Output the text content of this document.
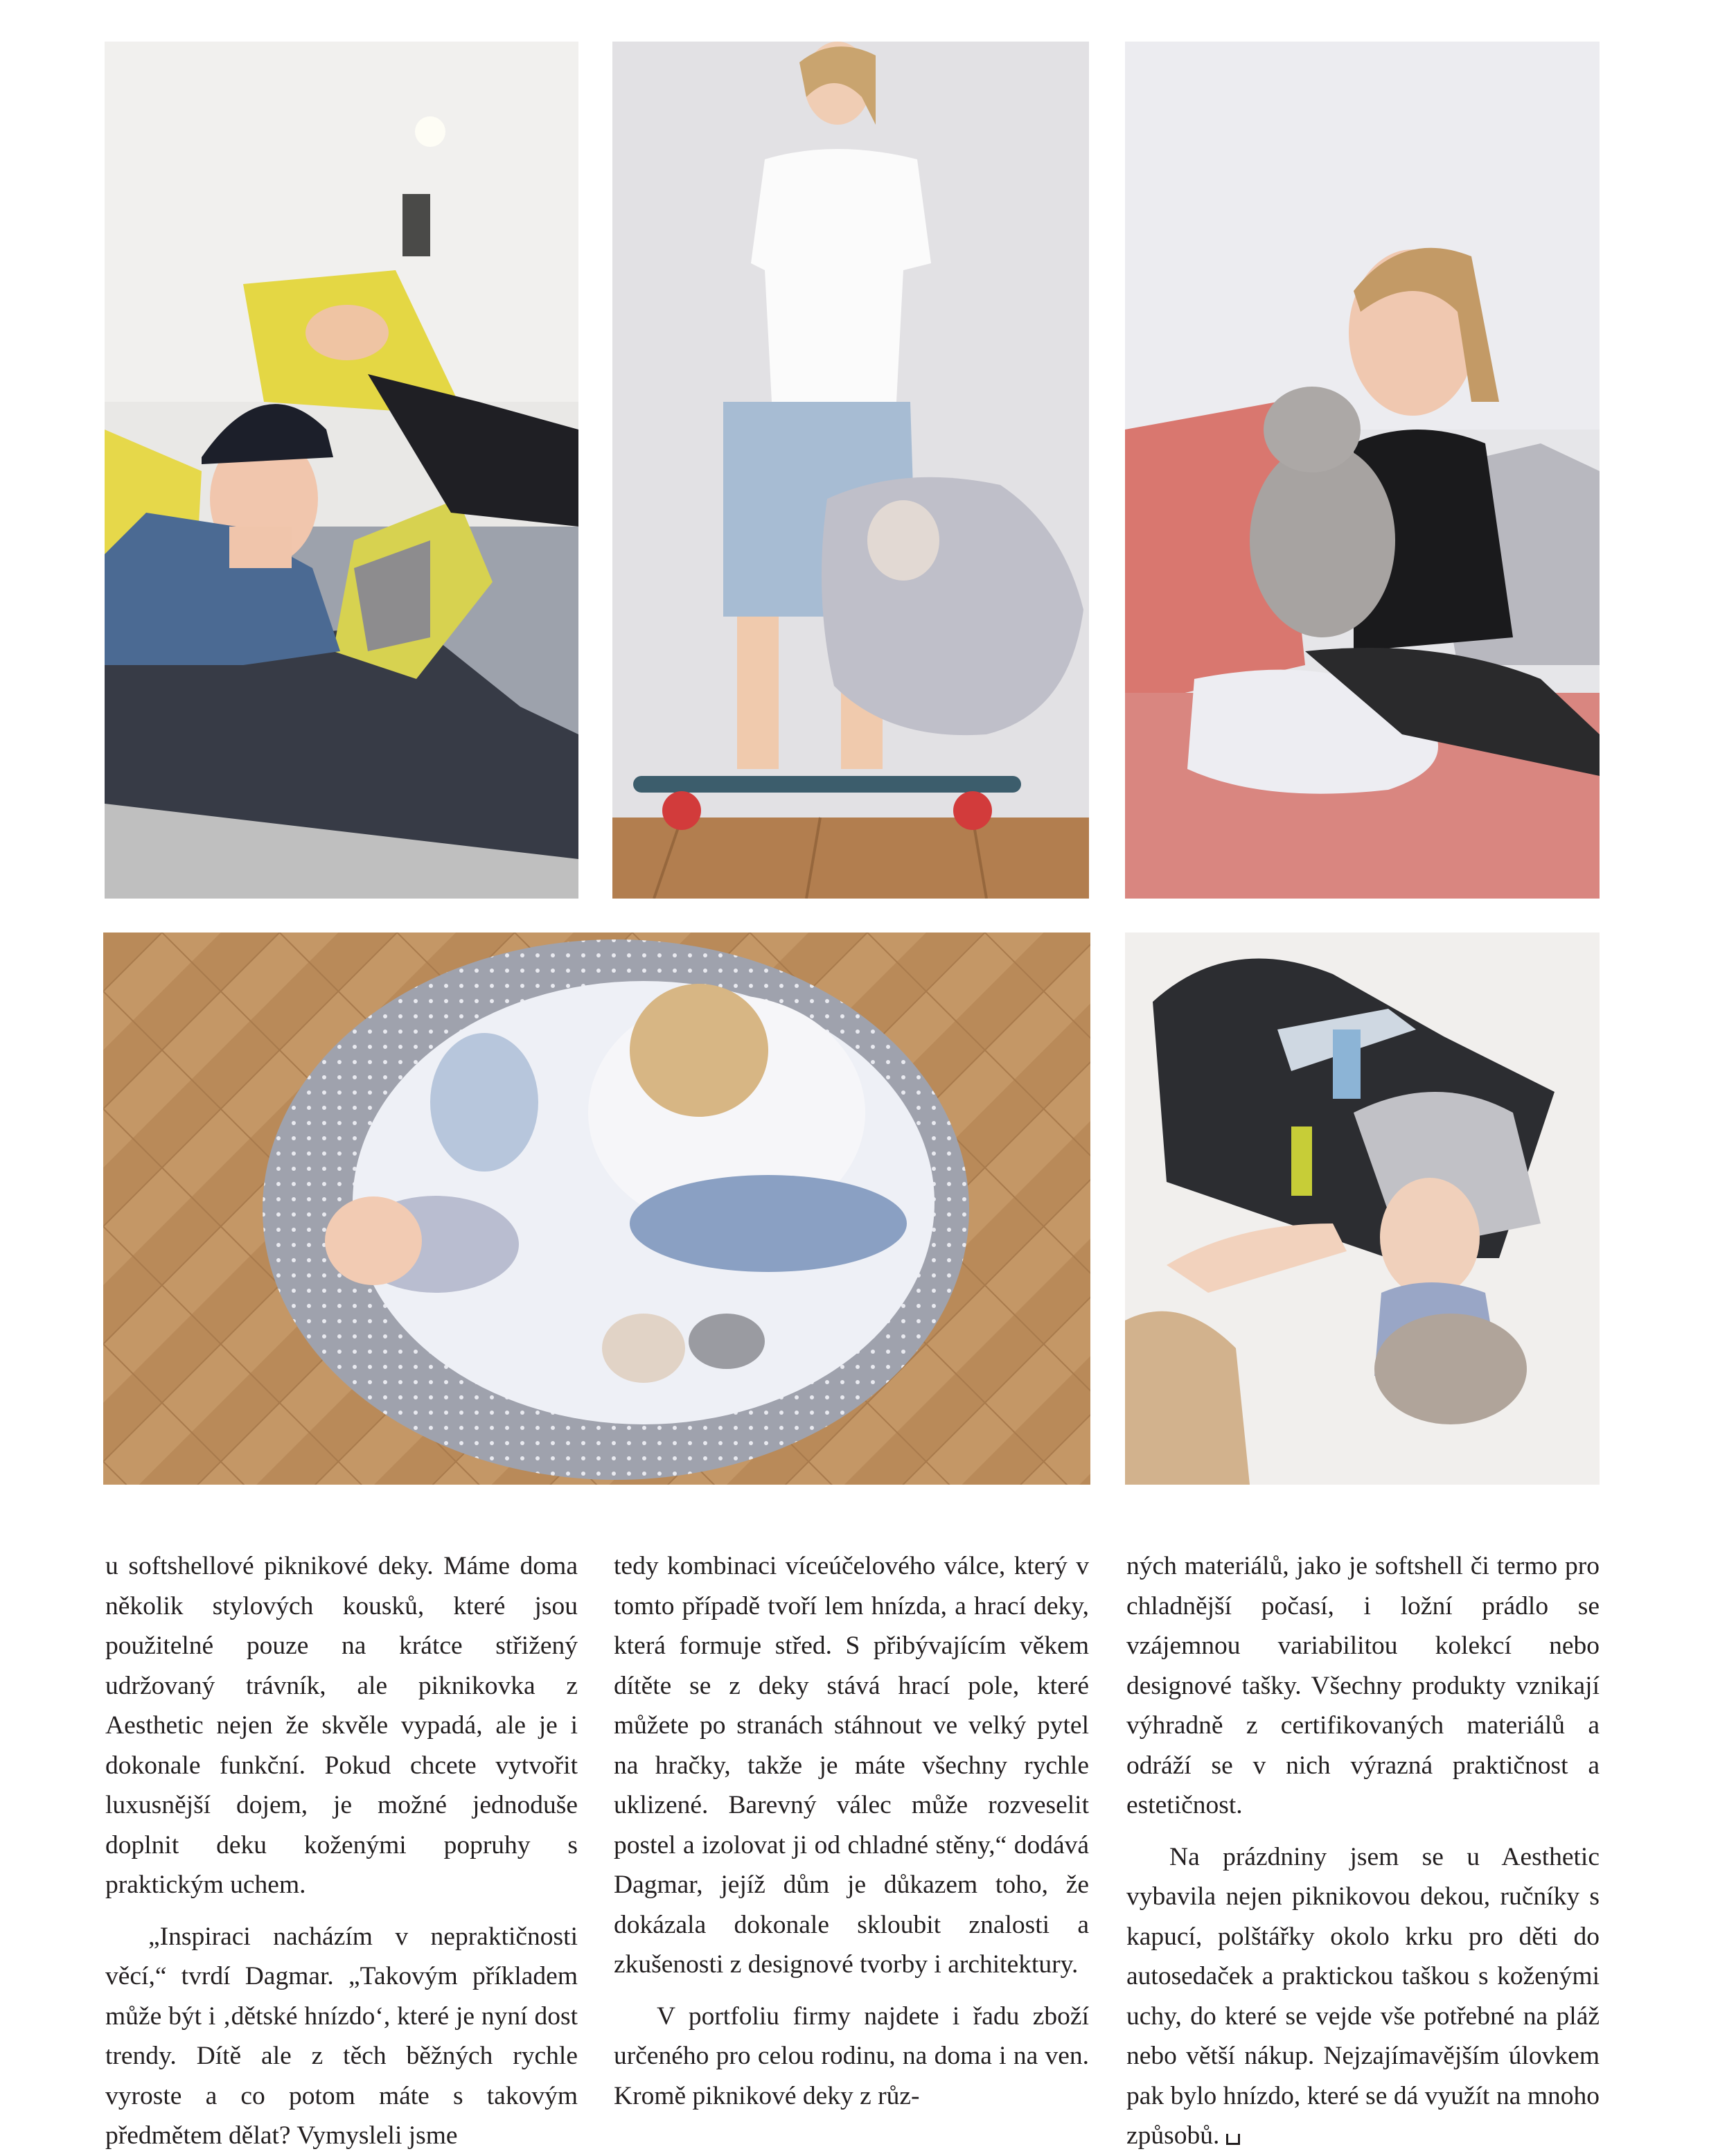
u softshellové piknikové deky. Máme doma několik stylových kousků, které jsou použitelné pouze na krátce střižený udržovaný trávník, ale piknikovka z Aesthetic nejen že skvěle vypadá, ale je i dokonale funkční. Pokud chcete vytvořit luxusnější dojem, je možné jednoduše doplnit deku koženými popruhy s praktickým uchem.

„Inspiraci nacházím v nepraktičnosti věcí,“ tvrdí Dagmar. „Takovým příkladem může být i ‚dětské hnízdo‘, které je nyní dost trendy. Dítě ale z těch běžných rychle vyroste a co potom máte s takovým předmětem dělat? Vymysleli jsme

tedy kombinaci víceúčelového válce, který v tomto případě tvoří lem hnízda, a hrací deky, která formuje střed. S přibývajícím věkem dítěte se z deky stává hrací pole, které můžete po stranách stáhnout ve velký pytel na hračky, takže je máte všechny rychle uklizené. Barevný válec může rozveselit postel a izolovat ji od chladné stěny,“ dodává Dagmar, jejíž dům je důkazem toho, že dokázala dokonale skloubit znalosti a zkušenosti z designové tvorby i architektury.

V portfoliu firmy najdete i řadu zboží určeného pro celou rodinu, na doma i na ven. Kromě piknikové deky z růz-

ných materiálů, jako je softshell či termo pro chladnější počasí, i ložní prádlo se vzájemnou variabilitou kolekcí nebo designové tašky. Všechny produkty vznikají výhradně z certifikovaných materiálů a odráží se v nich výrazná praktičnost a estetičnost.

Na prázdniny jsem se u Aesthetic vybavila nejen piknikovou dekou, ručníky s kapucí, polštářky okolo krku pro děti do autosedaček a praktickou taškou s koženými uchy, do které se vejde vše potřebné na pláž nebo větší nákup. Nejzajímavějším úlovkem pak bylo hnízdo, které se dá využít na mnoho způsobů.
